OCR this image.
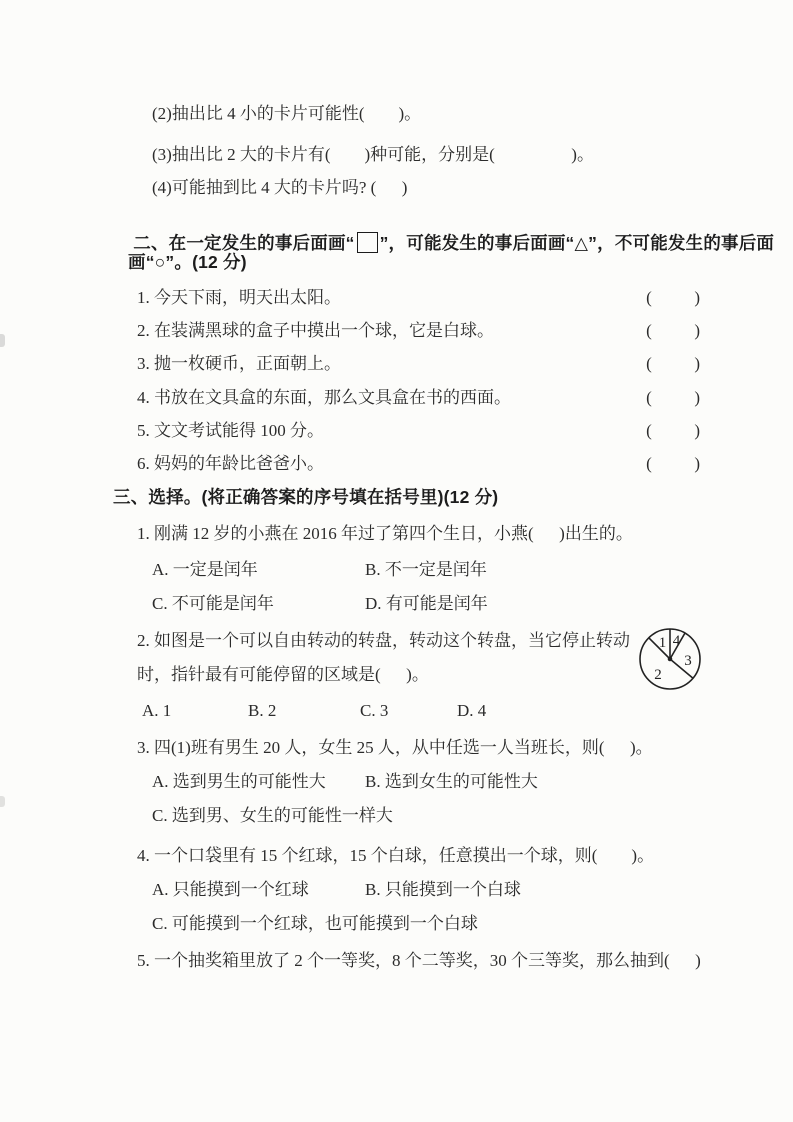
(2)抽出比 4 小的卡片可能性(        )。
(3)抽出比 2 大的卡片有(        )种可能，分别是(                  )。
(4)可能抽到比 4 大的卡片吗? (      )

二、在一定发生的事后面画“ ”，可能发生的事后面画“△”，不可能发生的事后面

画“○”。(12 分)
1. 今天下雨，明天出太阳。	(          )
2. 在装满黑球的盒子中摸出一个球，它是白球。	(          )
3. 抛一枚硬币，正面朝上。	(          )
4. 书放在文具盒的东面，那么文具盒在书的西面。	(          )
5. 文文考试能得 100 分。	(          )
6. 妈妈的年龄比爸爸小。	(          )
三、选择。(将正确答案的序号填在括号里)(12 分)
1. 刚满 12 岁的小燕在 2016 年过了第四个生日，小燕(      )出生的。
A. 一定是闰年	B. 不一定是闰年
C. 不可能是闰年	D. 有可能是闰年
2. 如图是一个可以自由转动的转盘，转动这个转盘，当它停止转动
时，指针最有可能停留的区域是(      )。
A. 1	B. 2	C. 3	D. 4
1 4
3
2
3. 四(1)班有男生 20 人，女生 25 人，从中任选一人当班长，则(      )。
A. 选到男生的可能性大 B. 选到女生的可能性大
C. 选到男、女生的可能性一样大
4. 一个口袋里有 15 个红球，15 个白球，任意摸出一个球，则(        )。
A. 只能摸到一个红球	B. 只能摸到一个白球
C. 可能摸到一个红球，也可能摸到一个白球
5. 一个抽奖箱里放了 2 个一等奖，8 个二等奖，30 个三等奖，那么抽到(      )
